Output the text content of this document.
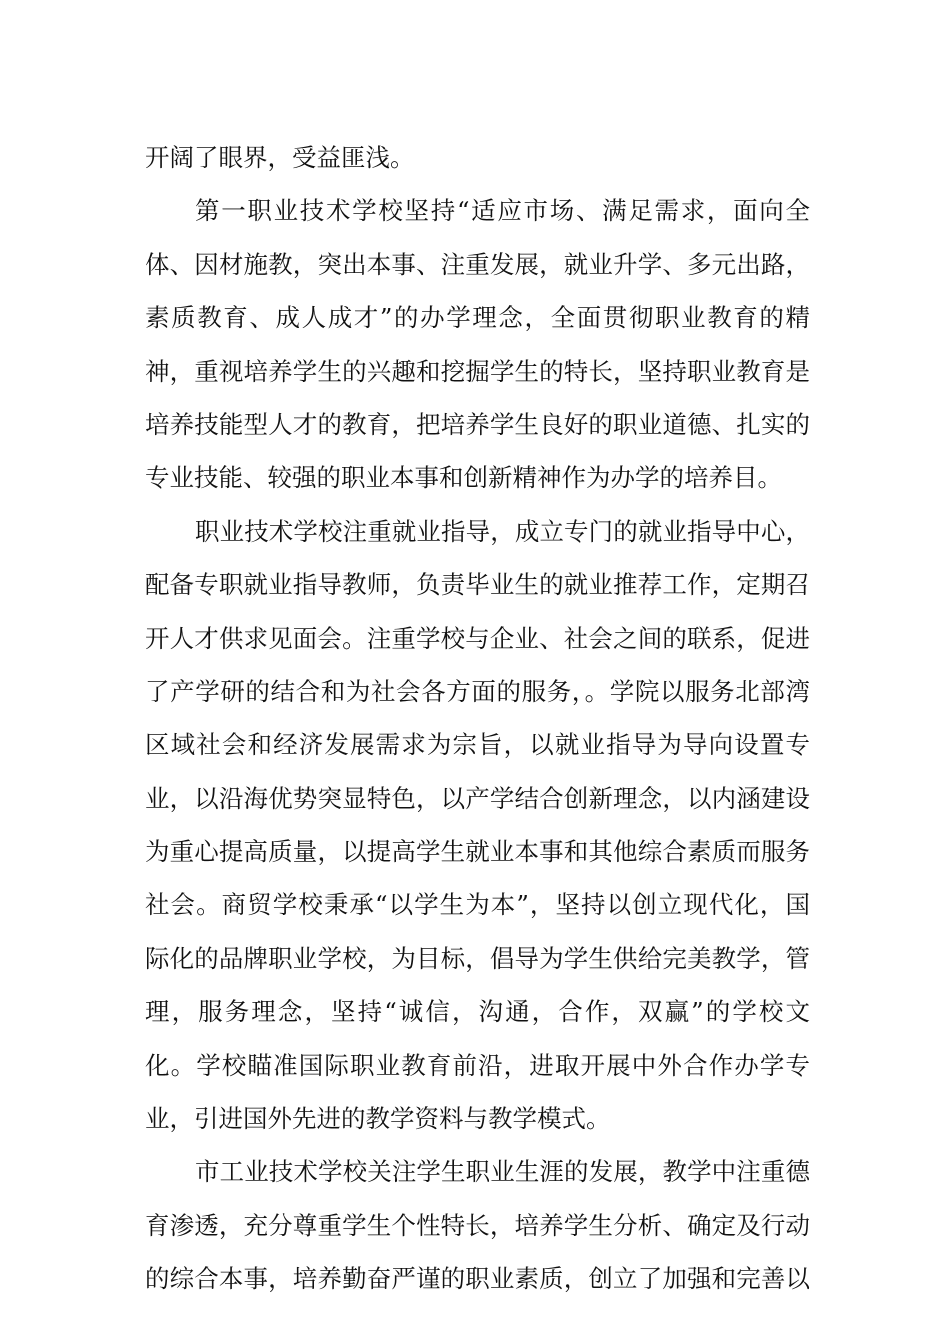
开阔了眼界，受益匪浅。
第一职业技术学校坚持“适应市场、满足需求，面向全
体、因材施教，突出本事、注重发展，就业升学、多元出路，
素质教育、成人成才”的办学理念，全面贯彻职业教育的精
神，重视培养学生的兴趣和挖掘学生的特长，坚持职业教育是
培养技能型人才的教育，把培养学生良好的职业道德、扎实的
专业技能、较强的职业本事和创新精神作为办学的培养目。
职业技术学校注重就业指导，成立专门的就业指导中心，
配备专职就业指导教师，负责毕业生的就业推荐工作，定期召
开人才供求见面会。注重学校与企业、社会之间的联系，促进
了产学研的结合和为社会各方面的服务，。学院以服务北部湾
区域社会和经济发展需求为宗旨，以就业指导为导向设置专
业，以沿海优势突显特色，以产学结合创新理念，以内涵建设
为重心提高质量，以提高学生就业本事和其他综合素质而服务
社会。商贸学校秉承“以学生为本”，坚持以创立现代化，国
际化的品牌职业学校，为目标，倡导为学生供给完美教学，管
理，服务理念，坚持“诚信，沟通，合作，双赢”的学校文
化。学校瞄准国际职业教育前沿，进取开展中外合作办学专
业，引进国外先进的教学资料与教学模式。
市工业技术学校关注学生职业生涯的发展，教学中注重德
育渗透，充分尊重学生个性特长，培养学生分析、确定及行动
的综合本事，培养勤奋严谨的职业素质，创立了加强和完善以
